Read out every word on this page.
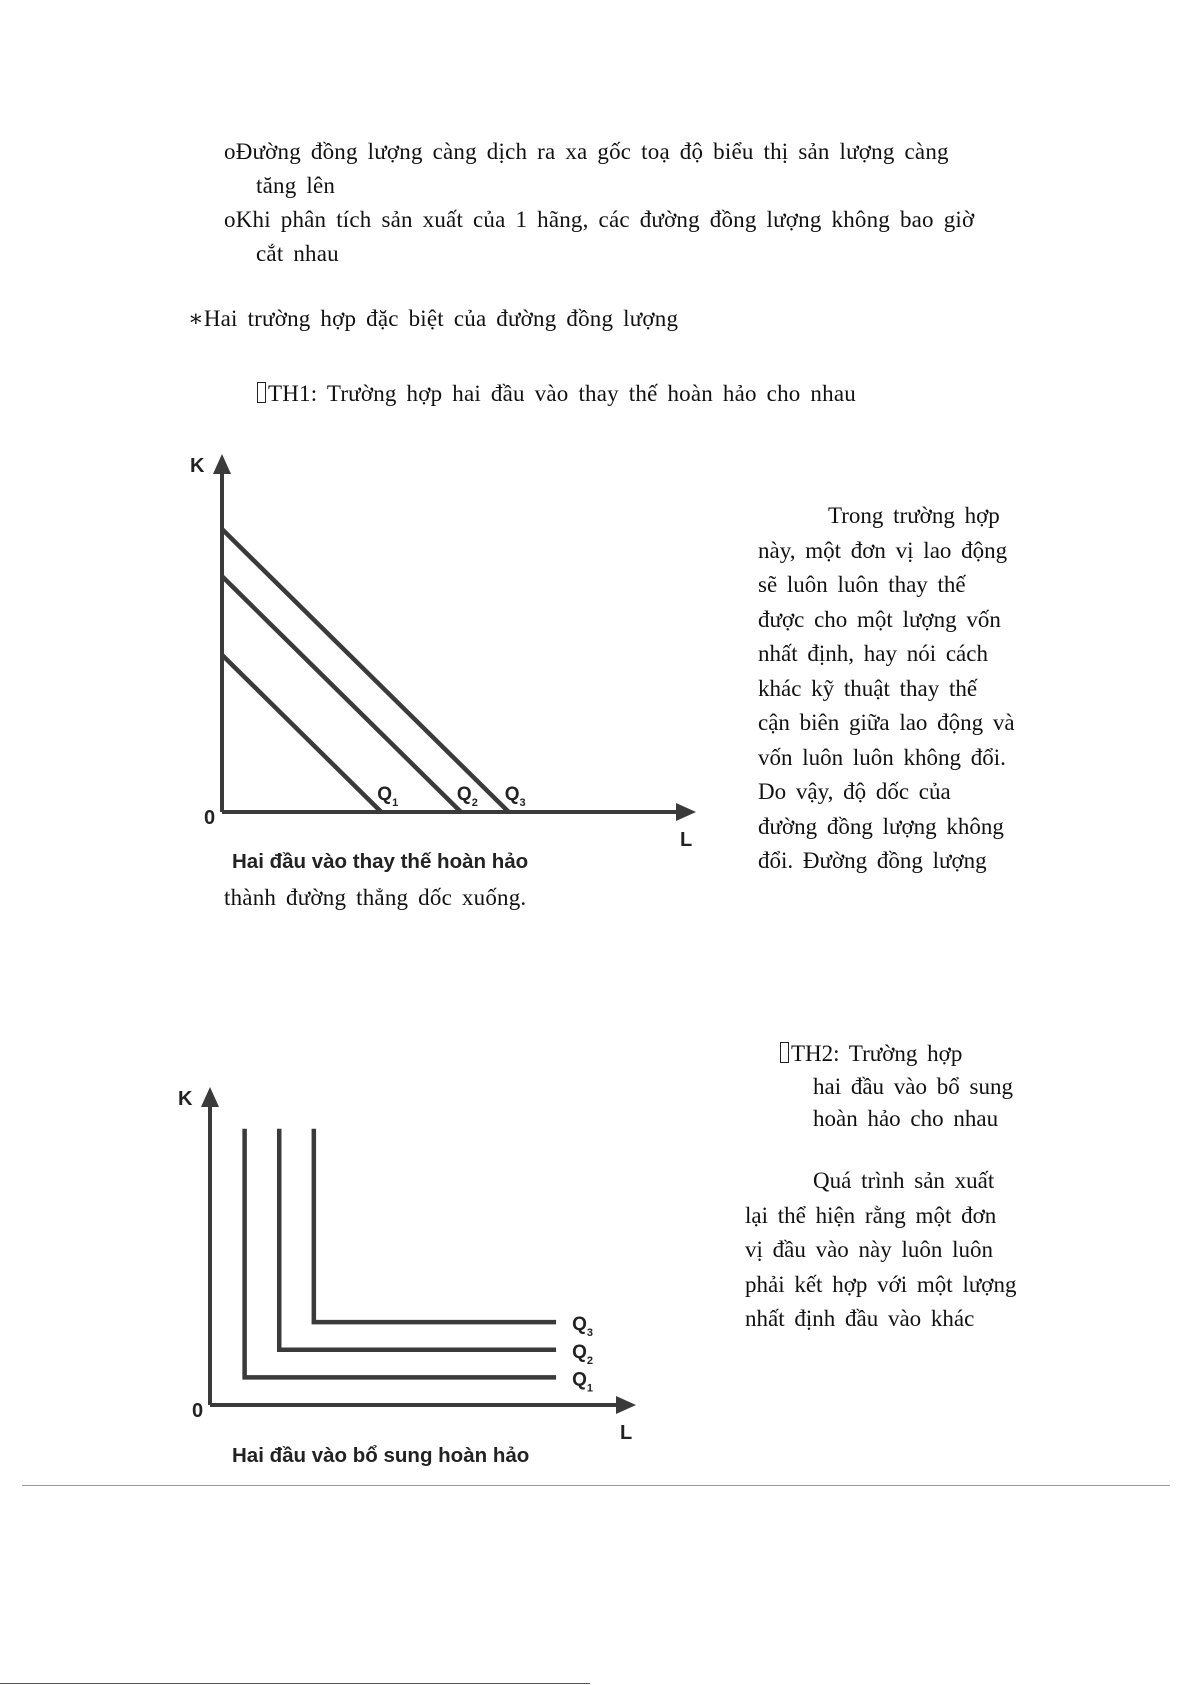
oĐường đồng lượng càng dịch ra xa gốc toạ độ biểu thị sản lượng càng
tăng lên
oKhi phân tích sản xuất của 1 hãng, các đường đồng lượng không bao giờ
cắt nhau
∗Hai trường hợp đặc biệt của đường đồng lượng
TH1: Trường hợp hai đầu vào thay thế hoàn hảo cho nhau
K
L
0
$Q_1$	$Q_2$ $Q_3$
Hai đầu vào thay thế hoàn hảo
Trong trường hợp
này, một đơn vị lao động
sẽ luôn luôn thay thế
được cho một lượng vốn
nhất định, hay nói cách
khác kỹ thuật thay thế
cận biên giữa lao động và
vốn luôn luôn không đổi.
Do vậy, độ dốc của
đường đồng lượng không
đổi. Đường đồng lượng
thành đường thẳng dốc xuống.
TH2: Trường hợp
hai đầu vào bổ sung
hoàn hảo cho nhau
Quá trình sản xuất
lại thể hiện rằng một đơn
vị đầu vào này luôn luôn
phải kết hợp với một lượng
nhất định đầu vào khác
K
L
0
$Q_1$
$Q_2$
$Q_3$
Hai đầu vào bổ sung hoàn hảo
